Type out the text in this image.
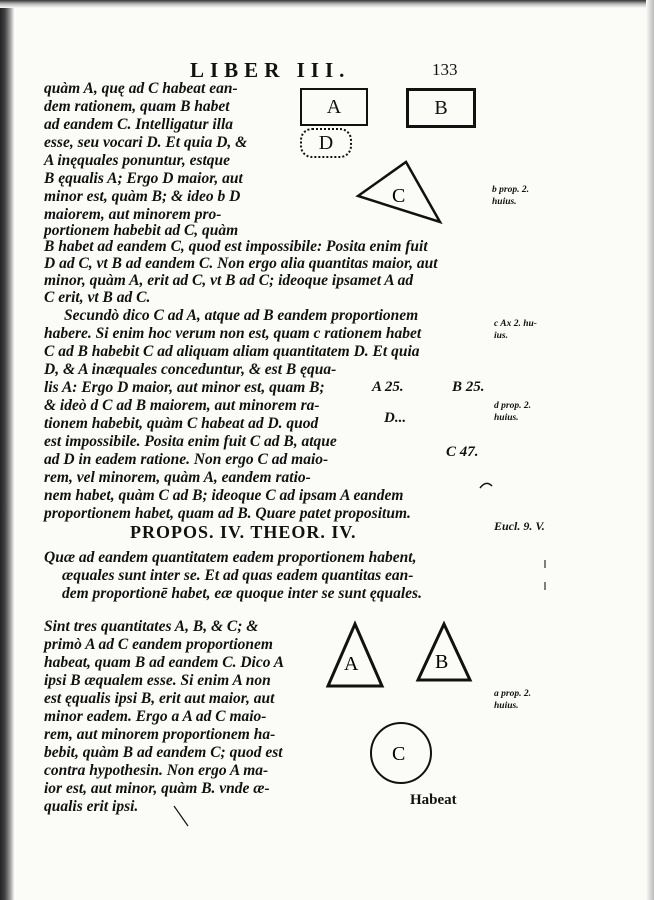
LIBER III.	133
A	B
D
C
quàm A, quę ad C habeat ean-
dem rationem, quam B habet
ad eandem C. Intelligatur illa
esse, seu vocari D. Et quia D, &
A inęquales ponuntur, estque
B ęqualis A; Ergo D maior, aut
minor est, quàm B; & ideo b D
maiorem, aut minorem pro-
portionem habebit ad C, quàm
B habet ad eandem C, quod est impossibile: Posita enim fuit
D ad C, vt B ad eandem C. Non ergo alia quantitas maior, aut
minor, quàm A, erit ad C, vt B ad C; ideoque ipsamet A ad
C erit, vt B ad C.
Secundò dico C ad A, atque ad B eandem proportionem
habere. Si enim hoc verum non est, quam c rationem habet
C ad B habebit C ad aliquam aliam quantitatem D. Et quia
D, & A inæquales conceduntur, & est B ęqua-
lis A: Ergo D maior, aut minor est, quam B;
& ideò d C ad B maiorem, aut minorem ra-
tionem habebit, quàm C habeat ad D. quod
est impossibile. Posita enim fuit C ad B, atque
ad D in eadem ratione. Non ergo C ad maio-
rem, vel minorem, quàm A, eandem ratio-
nem habet, quàm C ad B; ideoque C ad ipsam A eandem
proportionem habet, quam ad B. Quare patet propositum.
A 25.	B 25.
D...
C 47.
PROPOS. IV. THEOR. IV.
Quæ ad eandem quantitatem eadem proportionem habent,
æquales sunt inter se. Et ad quas eadem quantitas ean-
dem proportionē habet, eæ quoque inter se sunt ęquales.
Sint tres quantitates A, B, & C; &
primò A ad C eandem proportionem
habeat, quam B ad eandem C. Dico A
ipsi B æqualem esse. Si enim A non
est ęqualis ipsi B, erit aut maior, aut
minor eadem. Ergo a A ad C maio-
rem, aut minorem proportionem ha-
bebit, quàm B ad eandem C; quod est
contra hypothesin. Non ergo A ma-
ior est, aut minor, quàm B. vnde æ-
qualis erit ipsi.
A	B
C
b prop. 2.
huius.
c Ax 2. hu-
ius.
d prop. 2.
huius.
Eucl. 9. V.
a prop. 2.
huius.
Habeat
